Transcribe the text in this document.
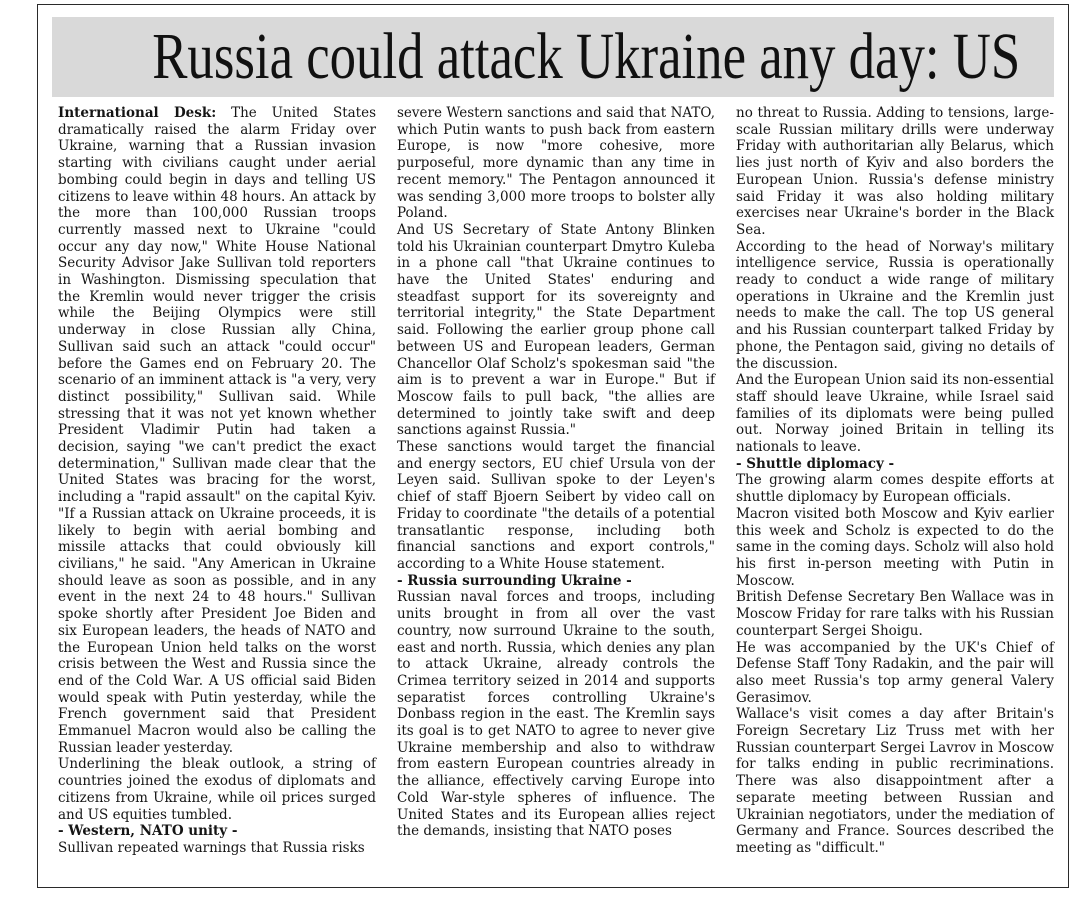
Russia could attack Ukraine any day: US

International Desk: The United States dramatically raised the alarm Friday over Ukraine, warning that a Russian invasion starting with civilians caught under aerial bombing could begin in days and telling US citizens to leave within 48 hours. An attack by the more than 100,000 Russian troops currently massed next to Ukraine "could occur any day now," White House National Security Advisor Jake Sullivan told reporters in Washington. Dismissing speculation that the Kremlin would never trigger the crisis while the Beijing Olympics were still underway in close Russian ally China, Sullivan said such an attack "could occur" before the Games end on February 20. The scenario of an imminent attack is "a very, very distinct possibility," Sullivan said. While stressing that it was not yet known whether President Vladimir Putin had taken a decision, saying "we can't predict the exact determination," Sullivan made clear that the United States was bracing for the worst, including a "rapid assault" on the capital Kyiv. "If a Russian attack on Ukraine proceeds, it is likely to begin with aerial bombing and missile attacks that could obviously kill civilians," he said. "Any American in Ukraine should leave as soon as possible, and in any event in the next 24 to 48 hours." Sullivan spoke shortly after President Joe Biden and six European leaders, the heads of NATO and the European Union held talks on the worst crisis between the West and Russia since the end of the Cold War. A US official said Biden would speak with Putin yesterday, while the French government said that President Emmanuel Macron would also be calling the Russian leader yesterday.

Underlining the bleak outlook, a string of countries joined the exodus of diplomats and citizens from Ukraine, while oil prices surged and US equities tumbled.

- Western, NATO unity -

Sullivan repeated warnings that Russia risks

severe Western sanctions and said that NATO, which Putin wants to push back from eastern Europe, is now "more cohesive, more purposeful, more dynamic than any time in recent memory." The Pentagon announced it was sending 3,000 more troops to bolster ally Poland.

And US Secretary of State Antony Blinken told his Ukrainian counterpart Dmytro Kuleba in a phone call "that Ukraine continues to have the United States' enduring and steadfast support for its sovereignty and territorial integrity," the State Department said. Following the earlier group phone call between US and European leaders, German Chancellor Olaf Scholz's spokesman said "the aim is to prevent a war in Europe." But if Moscow fails to pull back, "the allies are determined to jointly take swift and deep sanctions against Russia."

These sanctions would target the financial and energy sectors, EU chief Ursula von der Leyen said. Sullivan spoke to der Leyen's chief of staff Bjoern Seibert by video call on Friday to coordinate "the details of a potential transatlantic response, including both financial sanctions and export controls," according to a White House statement.

- Russia surrounding Ukraine -

Russian naval forces and troops, including units brought in from all over the vast country, now surround Ukraine to the south, east and north. Russia, which denies any plan to attack Ukraine, already controls the Crimea territory seized in 2014 and supports separatist forces controlling Ukraine's Donbass region in the east. The Kremlin says its goal is to get NATO to agree to never give Ukraine membership and also to withdraw from eastern European countries already in the alliance, effectively carving Europe into Cold War-style spheres of influence. The United States and its European allies reject the demands, insisting that NATO poses

no threat to Russia. Adding to tensions, large-scale Russian military drills were underway Friday with authoritarian ally Belarus, which lies just north of Kyiv and also borders the European Union. Russia's defense ministry said Friday it was also holding military exercises near Ukraine's border in the Black Sea.

According to the head of Norway's military intelligence service, Russia is operationally ready to conduct a wide range of military operations in Ukraine and the Kremlin just needs to make the call. The top US general and his Russian counterpart talked Friday by phone, the Pentagon said, giving no details of the discussion.

And the European Union said its non-essential staff should leave Ukraine, while Israel said families of its diplomats were being pulled out. Norway joined Britain in telling its nationals to leave.

- Shuttle diplomacy -

The growing alarm comes despite efforts at shuttle diplomacy by European officials.

Macron visited both Moscow and Kyiv earlier this week and Scholz is expected to do the same in the coming days. Scholz will also hold his first in-person meeting with Putin in Moscow.

British Defense Secretary Ben Wallace was in Moscow Friday for rare talks with his Russian counterpart Sergei Shoigu.

He was accompanied by the UK's Chief of Defense Staff Tony Radakin, and the pair will also meet Russia's top army general Valery Gerasimov.

Wallace's visit comes a day after Britain's Foreign Secretary Liz Truss met with her Russian counterpart Sergei Lavrov in Moscow for talks ending in public recriminations. There was also disappointment after a separate meeting between Russian and Ukrainian negotiators, under the mediation of Germany and France. Sources described the meeting as "difficult."
